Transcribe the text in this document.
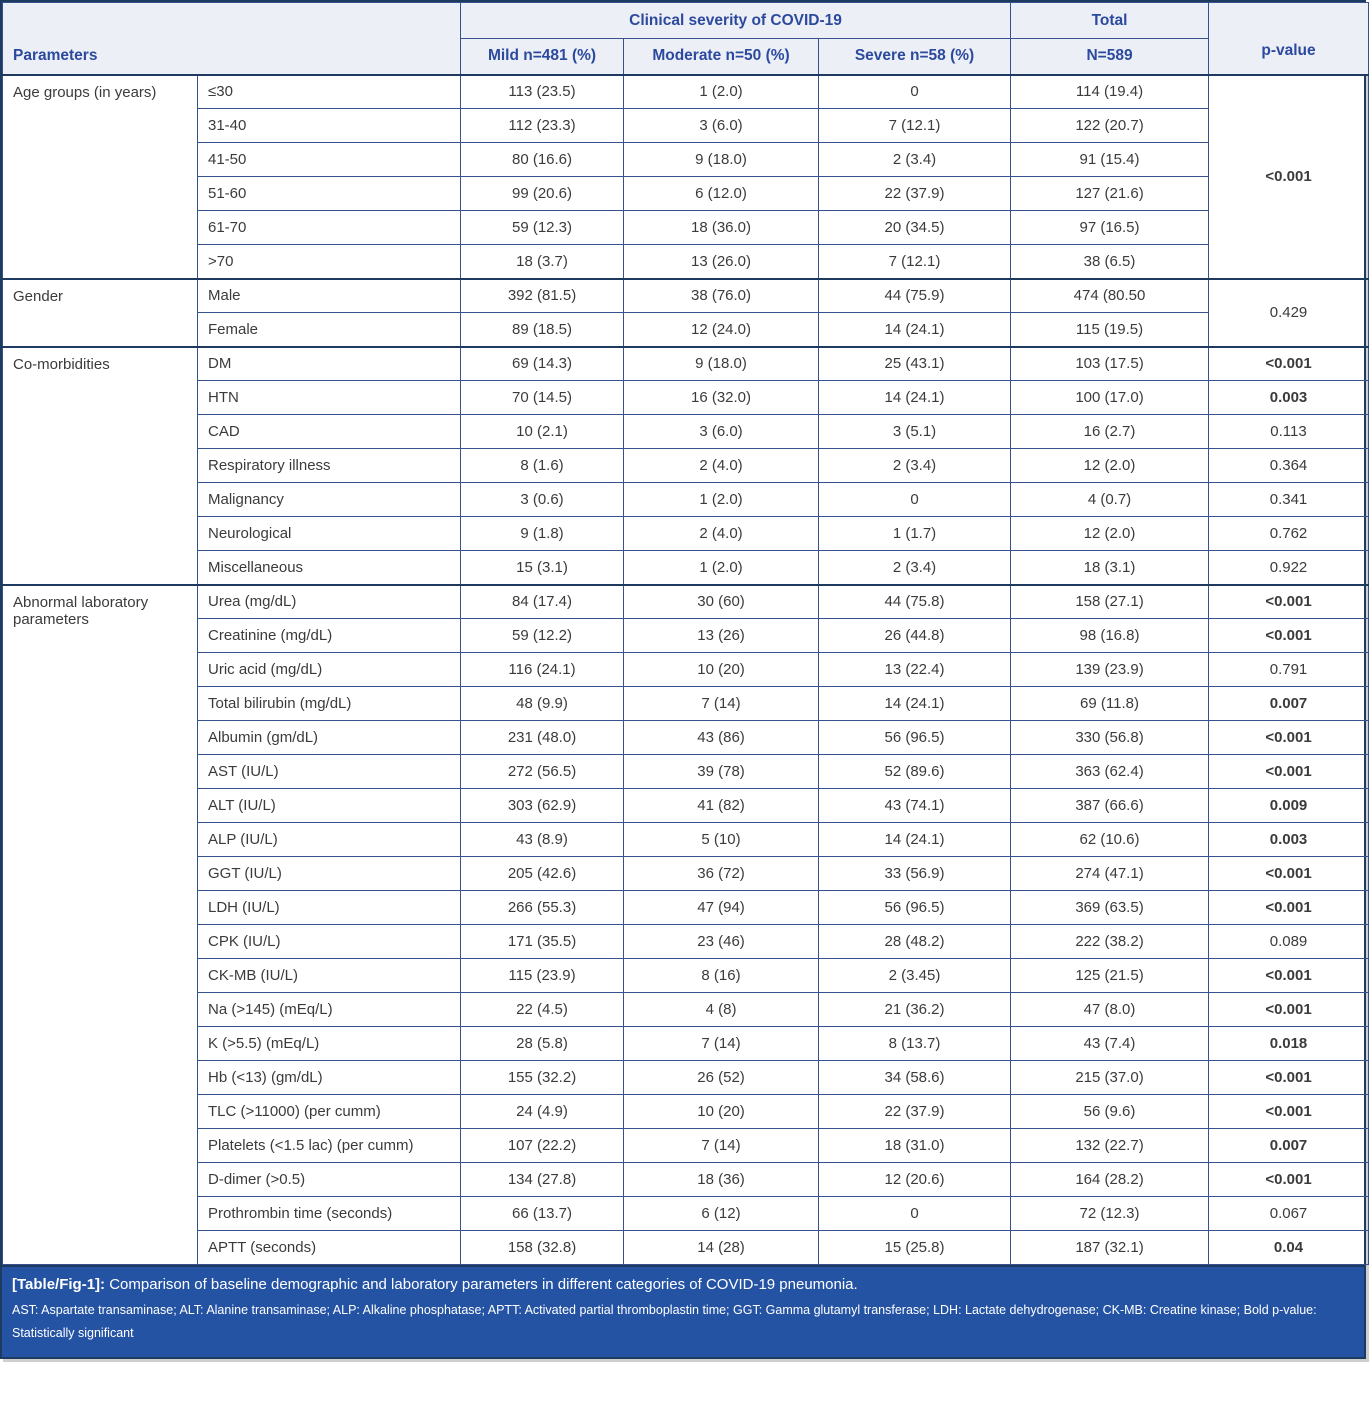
Parameters		Clinical severity of COVID-19			Total	p-value
		Mild n=481 (%)	Moderate n=50 (%)	Severe n=58 (%)	N=589	
Age groups (in years)	≤30	113 (23.5)	1 (2.0)	0	114 (19.4)	<0.001
	31-40	112 (23.3)	3 (6.0)	7 (12.1)	122 (20.7)	
	41-50	80 (16.6)	9 (18.0)	2 (3.4)	91 (15.4)	
	51-60	99 (20.6)	6 (12.0)	22 (37.9)	127 (21.6)	
	61-70	59 (12.3)	18 (36.0)	20 (34.5)	97 (16.5)	
	>70	18 (3.7)	13 (26.0)	7 (12.1)	38 (6.5)	
Gender	Male	392 (81.5)	38 (76.0)	44 (75.9)	474 (80.50	0.429
	Female	89 (18.5)	12 (24.0)	14 (24.1)	115 (19.5)	
Co-morbidities	DM	69 (14.3)	9 (18.0)	25 (43.1)	103 (17.5)	<0.001
	HTN	70 (14.5)	16 (32.0)	14 (24.1)	100 (17.0)	0.003
	CAD	10 (2.1)	3 (6.0)	3 (5.1)	16 (2.7)	0.113
	Respiratory illness	8 (1.6)	2 (4.0)	2 (3.4)	12 (2.0)	0.364
	Malignancy	3 (0.6)	1 (2.0)	0	4 (0.7)	0.341
	Neurological	9 (1.8)	2 (4.0)	1 (1.7)	12 (2.0)	0.762
	Miscellaneous	15 (3.1)	1 (2.0)	2 (3.4)	18 (3.1)	0.922
Abnormal laboratory parameters	Urea (mg/dL)	84 (17.4)	30 (60)	44 (75.8)	158 (27.1)	<0.001
	Creatinine (mg/dL)	59 (12.2)	13 (26)	26 (44.8)	98 (16.8)	<0.001
	Uric acid (mg/dL)	116 (24.1)	10 (20)	13 (22.4)	139 (23.9)	0.791
	Total bilirubin (mg/dL)	48 (9.9)	7 (14)	14 (24.1)	69 (11.8)	0.007
	Albumin (gm/dL)	231 (48.0)	43 (86)	56 (96.5)	330 (56.8)	<0.001
	AST (IU/L)	272 (56.5)	39 (78)	52 (89.6)	363 (62.4)	<0.001
	ALT (IU/L)	303 (62.9)	41 (82)	43 (74.1)	387 (66.6)	0.009
	ALP (IU/L)	43 (8.9)	5 (10)	14 (24.1)	62 (10.6)	0.003
	GGT (IU/L)	205 (42.6)	36 (72)	33 (56.9)	274 (47.1)	<0.001
	LDH (IU/L)	266 (55.3)	47 (94)	56 (96.5)	369 (63.5)	<0.001
	CPK (IU/L)	171 (35.5)	23 (46)	28 (48.2)	222 (38.2)	0.089
	CK-MB (IU/L)	115 (23.9)	8 (16)	2 (3.45)	125 (21.5)	<0.001
	Na (>145) (mEq/L)	22 (4.5)	4 (8)	21 (36.2)	47 (8.0)	<0.001
	K (>5.5) (mEq/L)	28 (5.8)	7 (14)	8 (13.7)	43 (7.4)	0.018
	Hb (<13) (gm/dL)	155 (32.2)	26 (52)	34 (58.6)	215 (37.0)	<0.001
	TLC (>11000) (per cumm)	24 (4.9)	10 (20)	22 (37.9)	56 (9.6)	<0.001
	Platelets (<1.5 lac) (per cumm)	107 (22.2)	7 (14)	18 (31.0)	132 (22.7)	0.007
	D-dimer (>0.5)	134 (27.8)	18 (36)	12 (20.6)	164 (28.2)	<0.001
	Prothrombin time (seconds)	66 (13.7)	6 (12)	0	72 (12.3)	0.067
	APTT (seconds)	158 (32.8)	14 (28)	15 (25.8)	187 (32.1)	0.04
[Table/Fig-1]: Comparison of baseline demographic and laboratory parameters in different categories of COVID-19 pneumonia.
AST: Aspartate transaminase; ALT: Alanine transaminase; ALP: Alkaline phosphatase; APTT: Activated partial thromboplastin time; GGT: Gamma glutamyl transferase; LDH: Lactate dehydrogenase; CK-MB: Creatine kinase; Bold p-value: Statistically significant
